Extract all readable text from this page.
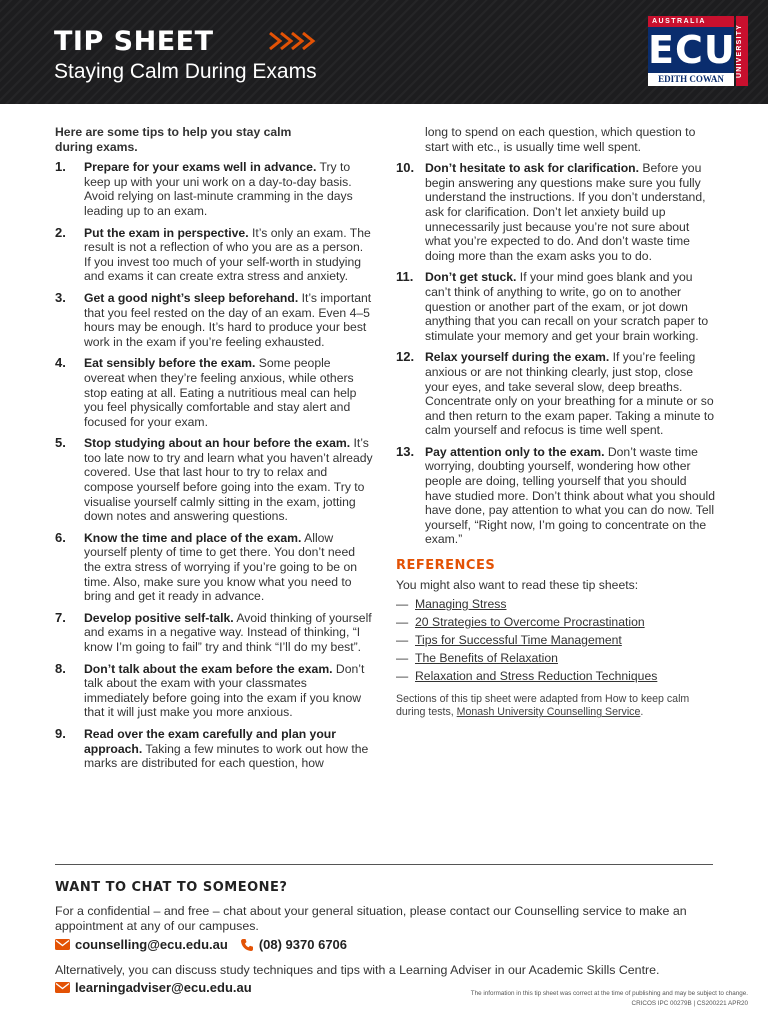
TIP SHEET
Staying Calm During Exams
AUSTRALIA
ECU
EDITH COWAN
UNIVERSITY
Here are some tips to help you stay calm during exams.
1. Prepare for your exams well in advance. Try to keep up with your uni work on a day-to-day basis. Avoid relying on last-minute cramming in the days leading up to an exam.
2. Put the exam in perspective. It’s only an exam. The result is not a reflection of who you are as a person. If you invest too much of your self-worth in studying and exams it can create extra stress and anxiety.
3. Get a good night’s sleep beforehand. It’s important that you feel rested on the day of an exam. Even 4–5 hours may be enough. It’s hard to produce your best work in the exam if you’re feeling exhausted.
4. Eat sensibly before the exam. Some people overeat when they’re feeling anxious, while others stop eating at all. Eating a nutritious meal can help you feel physically comfortable and stay alert and focused for your exam.
5. Stop studying about an hour before the exam. It’s too late now to try and learn what you haven’t already covered. Use that last hour to try to relax and compose yourself before going into the exam. Try to visualise yourself calmly sitting in the exam, jotting down notes and answering questions.
6. Know the time and place of the exam. Allow yourself plenty of time to get there. You don’t need the extra stress of worrying if you’re going to be on time. Also, make sure you know what you need to bring and get it ready in advance.
7. Develop positive self-talk. Avoid thinking of yourself and exams in a negative way. Instead of thinking, “I know I’m going to fail” try and think “I’ll do my best”.
8. Don’t talk about the exam before the exam. Don’t talk about the exam with your classmates immediately before going into the exam if you know that it will just make you more anxious.
9. Read over the exam carefully and plan your approach. Taking a few minutes to work out how the marks are distributed for each question, how
long to spend on each question, which question to start with etc., is usually time well spent.
10. Don’t hesitate to ask for clarification. Before you begin answering any questions make sure you fully understand the instructions. If you don’t understand, ask for clarification. Don’t let anxiety build up unnecessarily just because you’re not sure about what you’re expected to do. And don’t waste time doing more than the exam asks you to do.
11. Don’t get stuck. If your mind goes blank and you can’t think of anything to write, go on to another question or another part of the exam, or jot down anything that you can recall on your scratch paper to stimulate your memory and get your brain working.
12. Relax yourself during the exam. If you’re feeling anxious or are not thinking clearly, just stop, close your eyes, and take several slow, deep breaths. Concentrate only on your breathing for a minute or so and then return to the exam paper. Taking a minute to calm yourself and refocus is time well spent.
13. Pay attention only to the exam. Don’t waste time worrying, doubting yourself, wondering how other people are doing, telling yourself that you should have studied more. Don’t think about what you should have done, pay attention to what you can do now. Tell yourself, “Right now, I’m going to concentrate on the exam.”
REFERENCES
You might also want to read these tip sheets:
— Managing Stress
— 20 Strategies to Overcome Procrastination
— Tips for Successful Time Management
— The Benefits of Relaxation
— Relaxation and Stress Reduction Techniques
Sections of this tip sheet were adapted from How to keep calm during tests, Monash University Counselling Service.
WANT TO CHAT TO SOMEONE?
For a confidential – and free – chat about your general situation, please contact our Counselling service to make an appointment at any of our campuses.
counselling@ecu.edu.au (08) 9370 6706
Alternatively, you can discuss study techniques and tips with a Learning Adviser in our Academic Skills Centre.
learningadviser@ecu.edu.au	The information in this tip sheet was correct at the time of publishing and may be subject to change.
CRICOS IPC 00279B | CS200221 APR20
